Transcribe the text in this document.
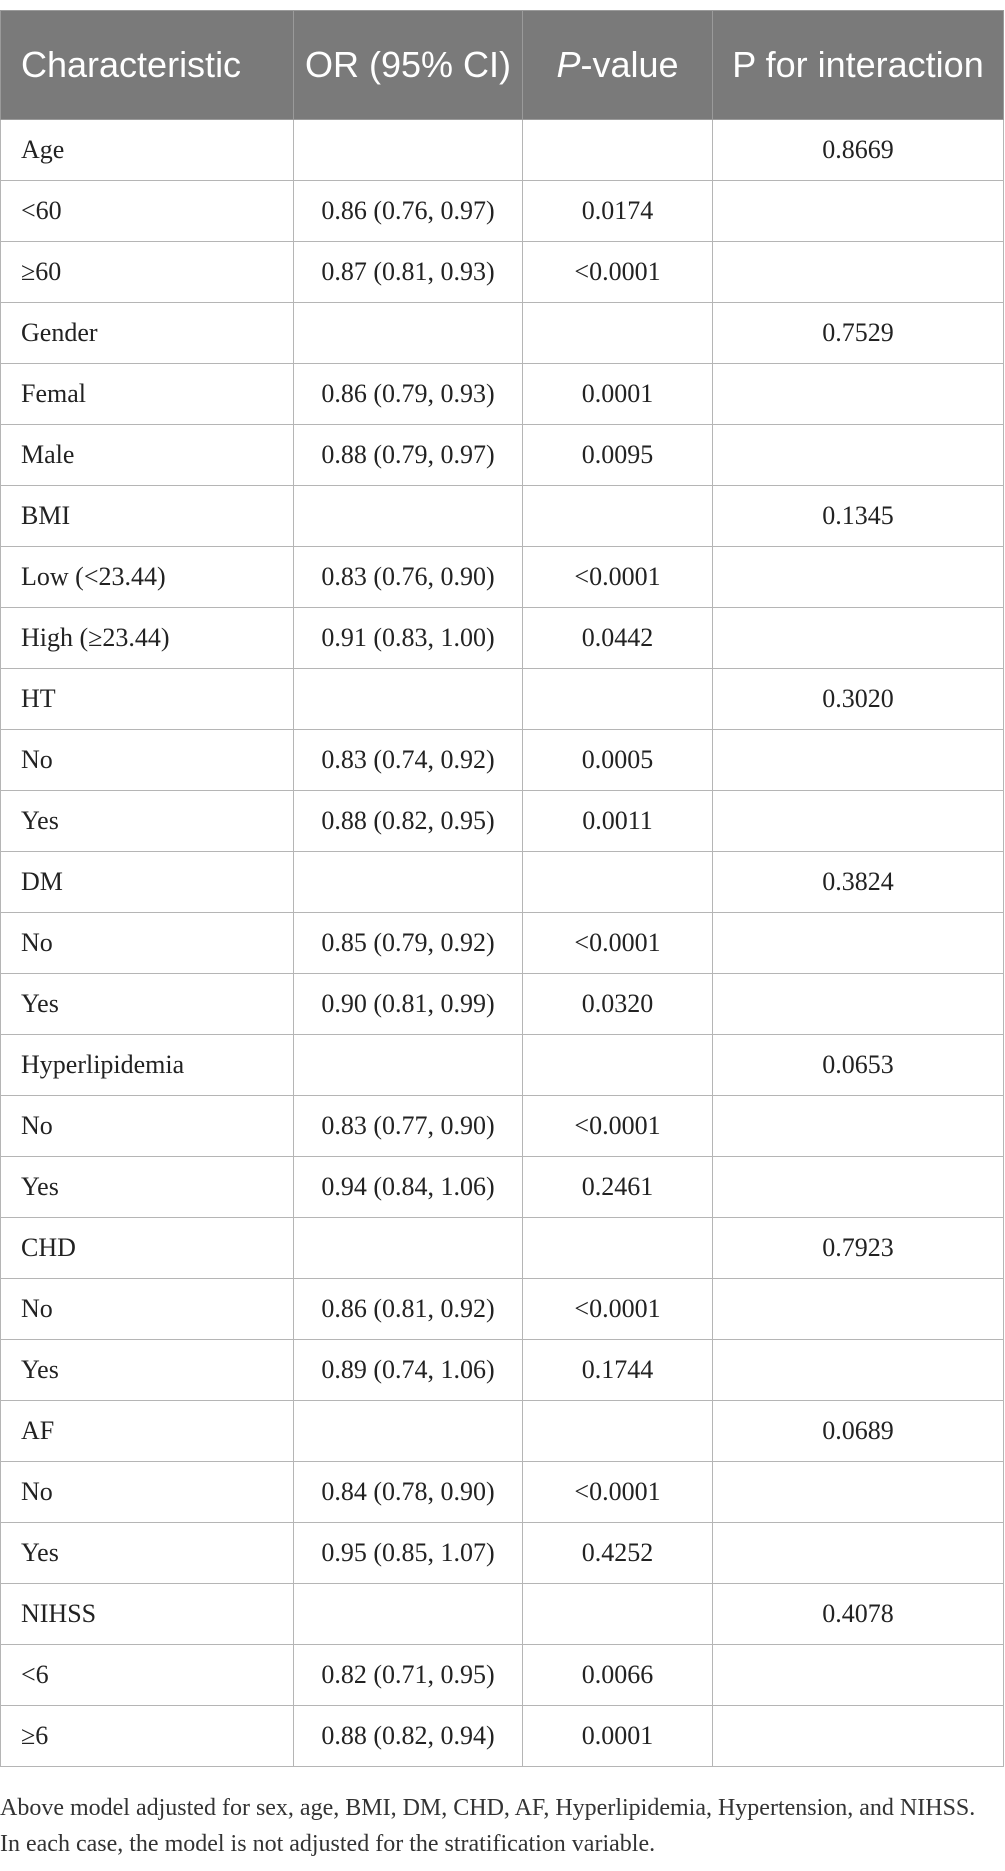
Characteristic	OR (95% CI)	P-value	P for interaction
Age			0.8669
<60	0.86 (0.76, 0.97)	0.0174	
≥60	0.87 (0.81, 0.93)	<0.0001	
Gender			0.7529
Femal	0.86 (0.79, 0.93)	0.0001	
Male	0.88 (0.79, 0.97)	0.0095	
BMI			0.1345
Low (<23.44)	0.83 (0.76, 0.90)	<0.0001	
High (≥23.44)	0.91 (0.83, 1.00)	0.0442	
HT			0.3020
No	0.83 (0.74, 0.92)	0.0005	
Yes	0.88 (0.82, 0.95)	0.0011	
DM			0.3824
No	0.85 (0.79, 0.92)	<0.0001	
Yes	0.90 (0.81, 0.99)	0.0320	
Hyperlipidemia			0.0653
No	0.83 (0.77, 0.90)	<0.0001	
Yes	0.94 (0.84, 1.06)	0.2461	
CHD			0.7923
No	0.86 (0.81, 0.92)	<0.0001	
Yes	0.89 (0.74, 1.06)	0.1744	
AF			0.0689
No	0.84 (0.78, 0.90)	<0.0001	
Yes	0.95 (0.85, 1.07)	0.4252	
NIHSS			0.4078
<6	0.82 (0.71, 0.95)	0.0066	
≥6	0.88 (0.82, 0.94)	0.0001	
Above model adjusted for sex, age, BMI, DM, CHD, AF, Hyperlipidemia, Hypertension, and NIHSS. In each case, the model is not adjusted for the stratification variable.
